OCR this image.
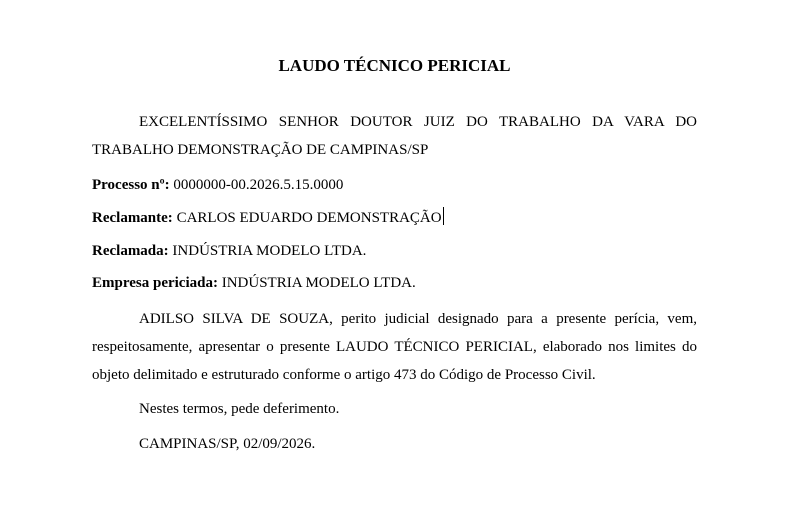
LAUDO TÉCNICO PERICIAL

EXCELENTÍSSIMO SENHOR DOUTOR JUIZ DO TRABALHO DA VARA DO TRABALHO DEMONSTRAÇÃO DE CAMPINAS/SP

Processo nº: 0000000-00.2026.5.15.0000

Reclamante: CARLOS EDUARDO DEMONSTRAÇÃO

Reclamada: INDÚSTRIA MODELO LTDA.

Empresa periciada: INDÚSTRIA MODELO LTDA.

ADILSO SILVA DE SOUZA, perito judicial designado para a presente perícia, vem, respeitosamente, apresentar o presente LAUDO TÉCNICO PERICIAL, elaborado nos limites do objeto delimitado e estruturado conforme o artigo 473 do Código de Processo Civil.

Nestes termos, pede deferimento.

CAMPINAS/SP, 02/09/2026.
